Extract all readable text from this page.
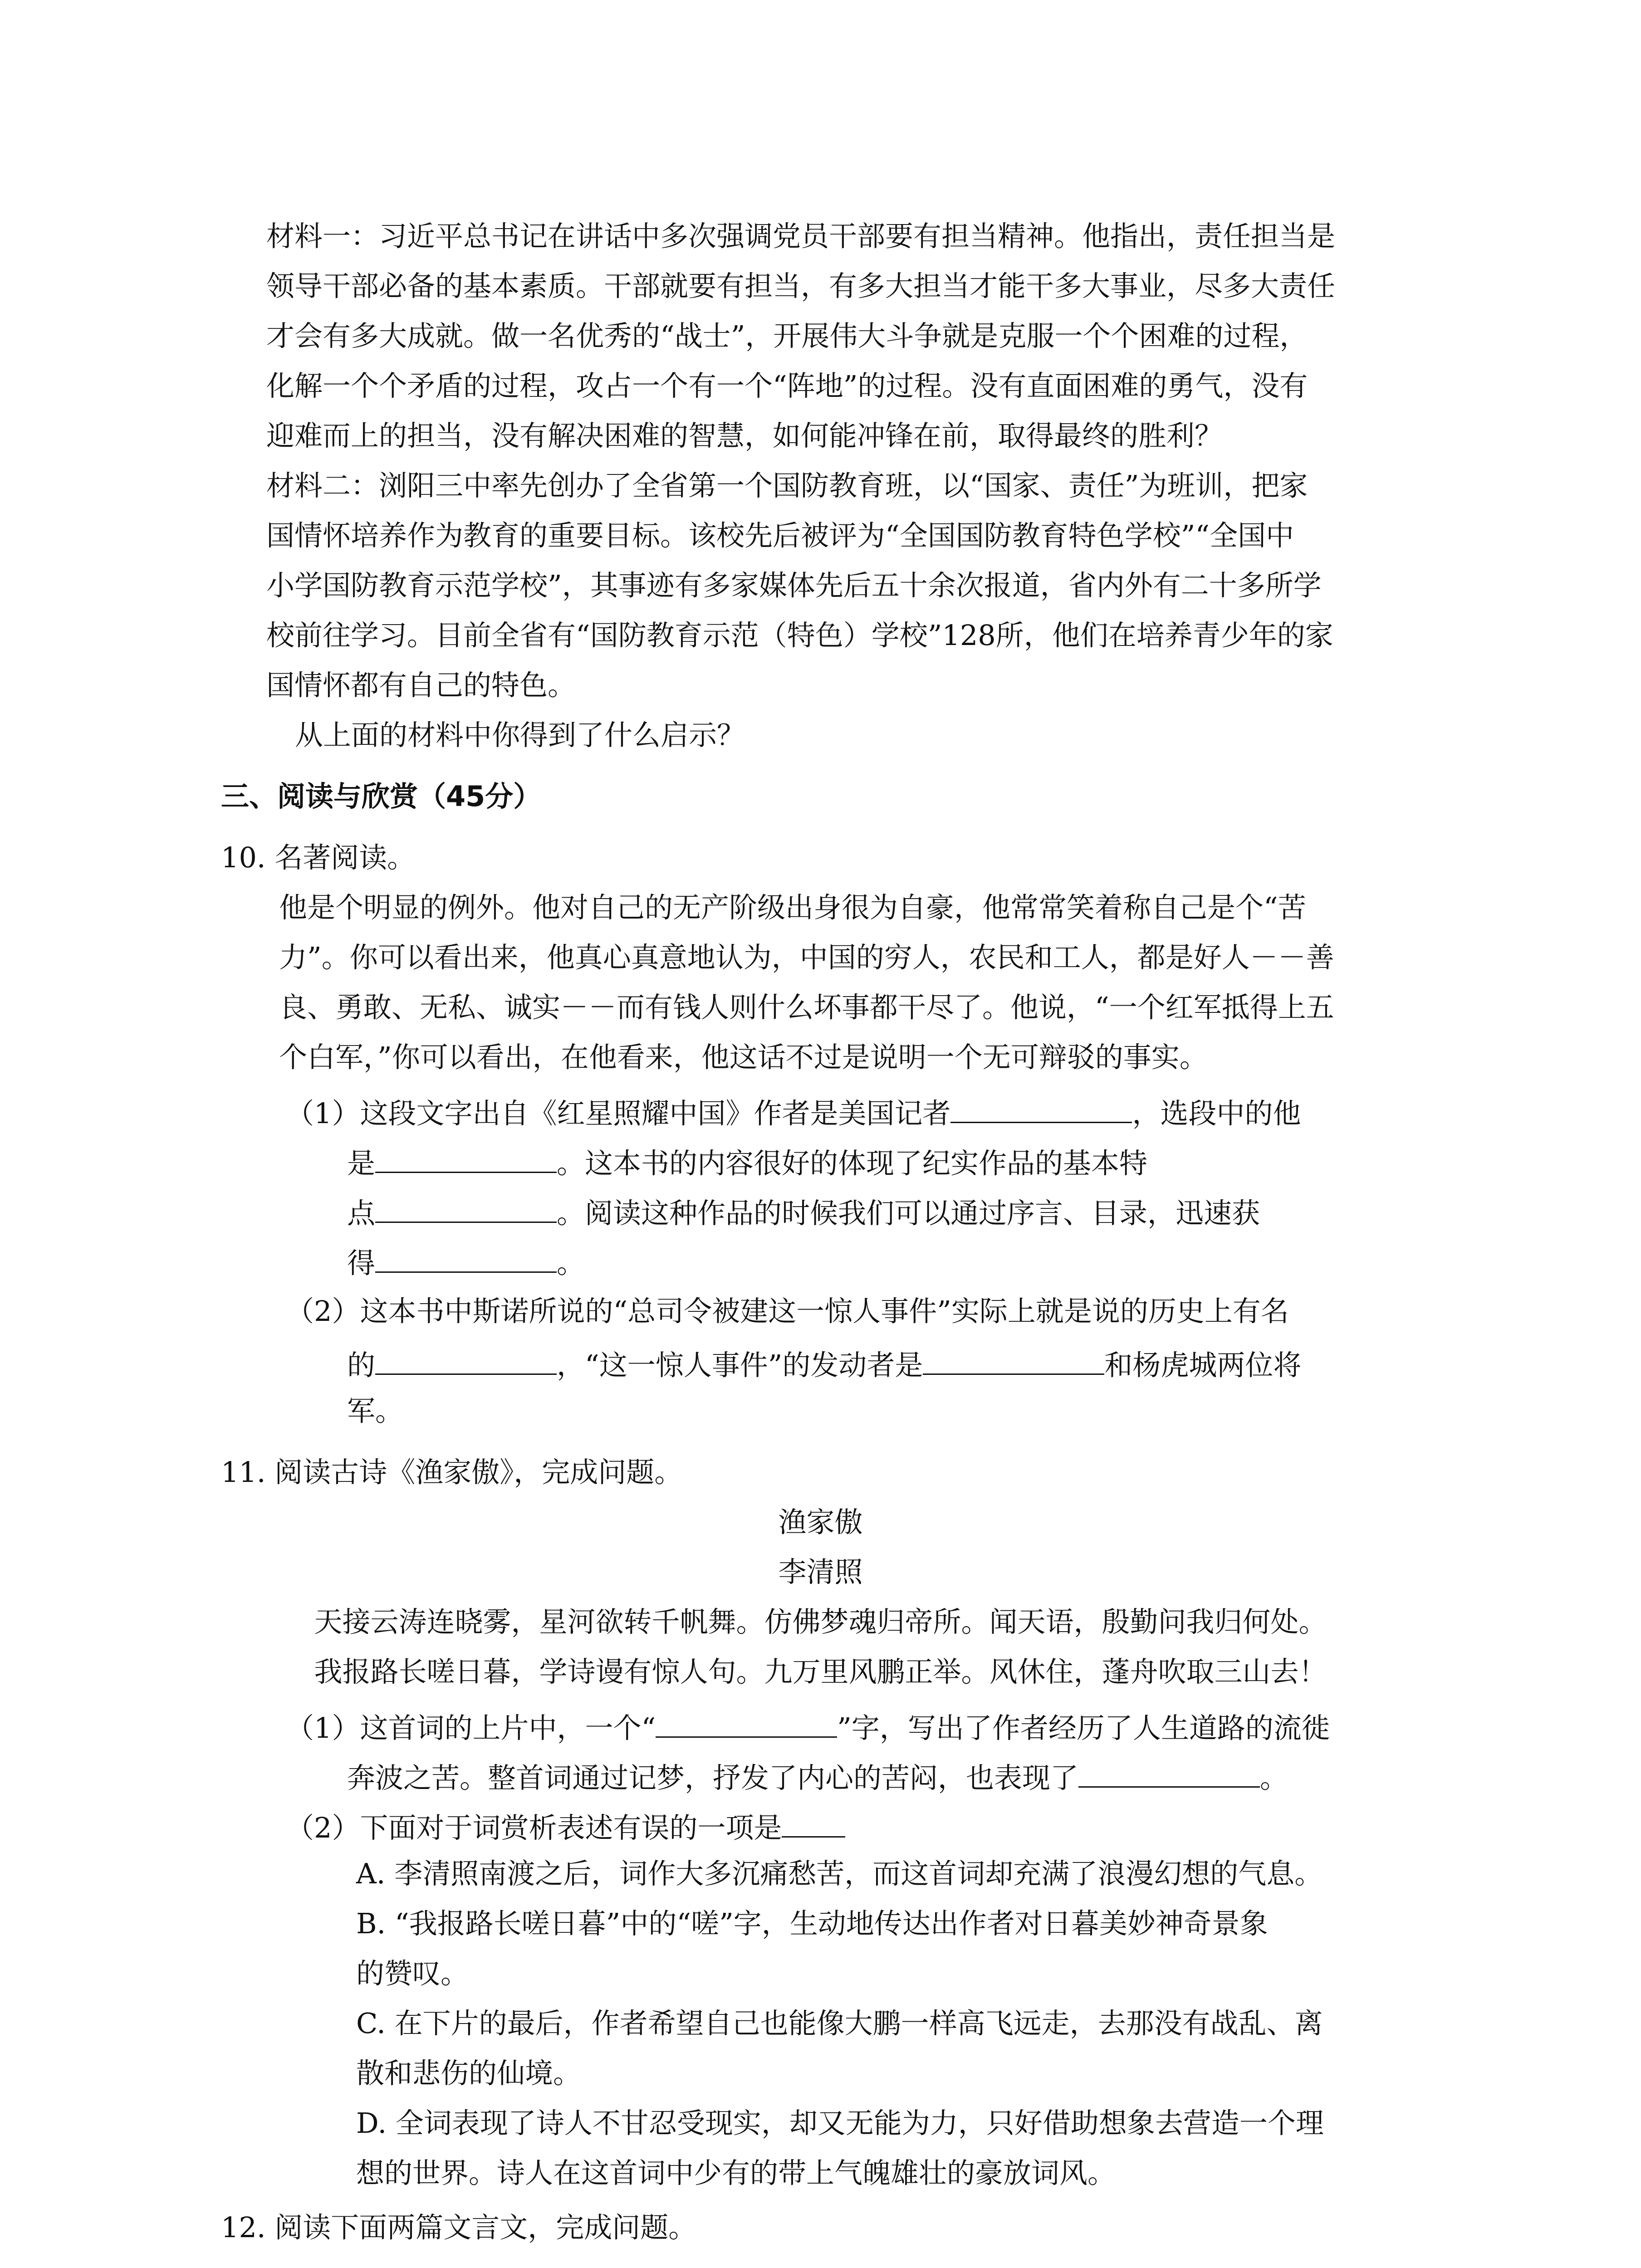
材料一：习近平总书记在讲话中多次强调党员干部要有担当精神。他指出，责任担当是
领导干部必备的基本素质。干部就要有担当，有多大担当才能干多大事业，尽多大责任
才会有多大成就。做一名优秀的“战士”，开展伟大斗争就是克服一个个困难的过程，
化解一个个矛盾的过程，攻占一个有一个“阵地”的过程。没有直面困难的勇气，没有
迎难而上的担当，没有解决困难的智慧，如何能冲锋在前，取得最终的胜利？
材料二：浏阳三中率先创办了全省第一个国防教育班，以“国家、责任”为班训，把家
国情怀培养作为教育的重要目标。该校先后被评为“全国国防教育特色学校”“全国中
小学国防教育示范学校”，其事迹有多家媒体先后五十余次报道，省内外有二十多所学
校前往学习。目前全省有“国防教育示范（特色）学校”128所，他们在培养青少年的家
国情怀都有自己的特色。
从上面的材料中你得到了什么启示？
三、阅读与欣赏（45分）
10. 名著阅读。
他是个明显的例外。他对自己的无产阶级出身很为自豪，他常常笑着称自己是个“苦
力”。你可以看出来，他真心真意地认为，中国的穷人，农民和工人，都是好人－－善
良、勇敢、无私、诚实－－而有钱人则什么坏事都干尽了。他说，“一个红军抵得上五
个白军，”你可以看出，在他看来，他这话不过是说明一个无可辩驳的事实。
（1）这段文字出自《红星照耀中国》作者是美国记者	，选段中的他
是	。这本书的内容很好的体现了纪实作品的基本特
点	。阅读这种作品的时候我们可以通过序言、目录，迅速获
得	。
（2）这本书中斯诺所说的“总司令被建这一惊人事件”实际上就是说的历史上有名
的	，“这一惊人事件”的发动者是	和杨虎城两位将
军。
11. 阅读古诗《渔家傲》，完成问题。
渔家傲
李清照
天接云涛连晓雾，星河欲转千帆舞。仿佛梦魂归帝所。闻天语，殷勤问我归何处。
我报路长嗟日暮，学诗谩有惊人句。九万里风鹏正举。风休住，蓬舟吹取三山去！
（1）这首词的上片中，一个“	”字，写出了作者经历了人生道路的流徙
奔波之苦。整首词通过记梦，抒发了内心的苦闷，也表现了	。
（2）下面对于词赏析表述有误的一项是
A. 李清照南渡之后，词作大多沉痛愁苦，而这首词却充满了浪漫幻想的气息。
B. “我报路长嗟日暮”中的“嗟”字，生动地传达出作者对日暮美妙神奇景象
的赞叹。
C. 在下片的最后，作者希望自己也能像大鹏一样高飞远走，去那没有战乱、离
散和悲伤的仙境。
D. 全词表现了诗人不甘忍受现实，却又无能为力，只好借助想象去营造一个理
想的世界。诗人在这首词中少有的带上气魄雄壮的豪放词风。
12. 阅读下面两篇文言文，完成问题。
